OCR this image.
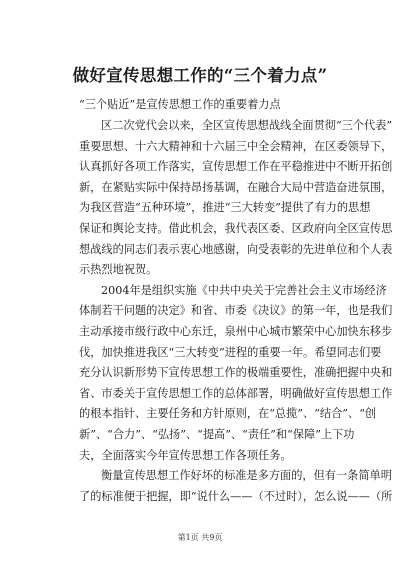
做好宣传思想工作的“三个着力点”

“三个贴近”是宣传思想工作的重要着力点

区二次党代会以来，全区宣传思想战线全面贯彻“三个代表”
重要思想、十六大精神和十六届三中全会精神，在区委领导下，
认真抓好各项工作落实，宣传思想工作在平稳推进中不断开拓创
新，在紧贴实际中保持昂扬基调，在融合大局中营造奋进氛围，
为我区营造“五种环境”，推进“三大转变”提供了有力的思想
保证和舆论支持。借此机会，我代表区委、区政府向全区宣传思
想战线的同志们表示衷心地感谢，向受表彰的先进单位和个人表
示热烈地祝贺。

2004年是组织实施《中共中央关于完善社会主义市场经济
体制若干问题的决定》和省、市委《决议》的第一年，也是我们
主动承接市级行政中心东迁，泉州中心城市繁荣中心加快东移步
伐，加快推进我区“三大转变”进程的重要一年。希望同志们要
充分认识新形势下宣传思想工作的极端重要性，准确把握中央和
省、市委关于宣传思想工作的总体部署，明确做好宣传思想工作
的根本指针、主要任务和方针原则，在“总揽”、“结合”、“创
新”、“合力”、“弘扬”、“提高”、“责任”和“保障”上下功
夫，全面落实今年宣传思想工作各项任务。

衡量宣传思想工作好坏的标准是多方面的，但有一条简单明
了的标准便于把握，即“说什么——（不过时），怎么说——（所

第1页 共9页
